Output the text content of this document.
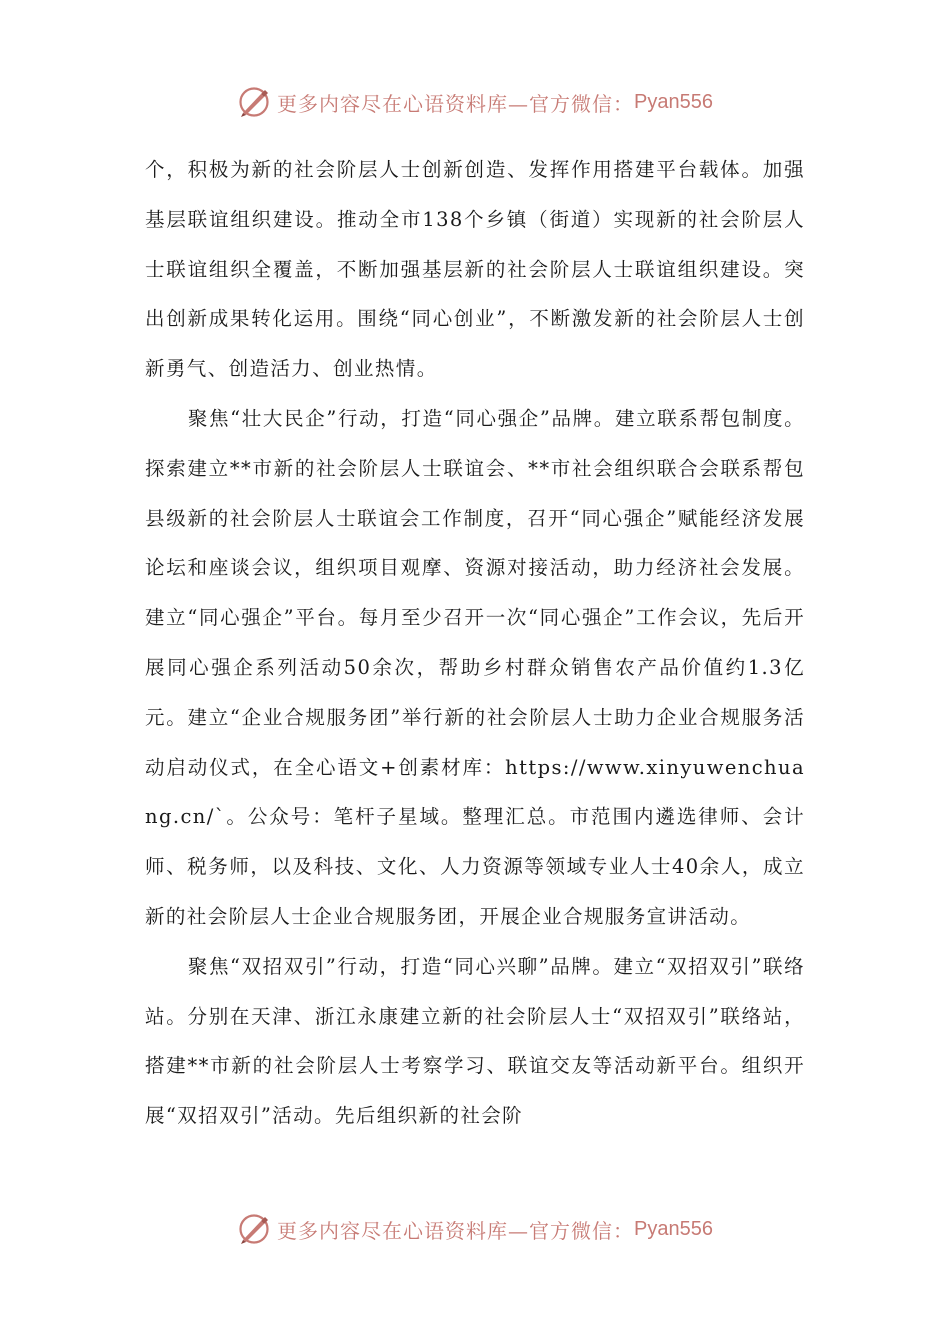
更多内容尽在心语资料库—官方微信： Pyan556

个，积极为新的社会阶层人士创新创造、发挥作用搭建平台载体。加强基层联谊组织建设。推动全市138个乡镇（街道）实现新的社会阶层人士联谊组织全覆盖，不断加强基层新的社会阶层人士联谊组织建设。突出创新成果转化运用。围绕“同心创业”，不断激发新的社会阶层人士创新勇气、创造活力、创业热情。

聚焦“壮大民企”行动，打造“同心强企”品牌。建立联系帮包制度。探索建立**市新的社会阶层人士联谊会、**市社会组织联合会联系帮包县级新的社会阶层人士联谊会工作制度，召开“同心强企”赋能经济发展论坛和座谈会议，组织项目观摩、资源对接活动，助力经济社会发展。建立“同心强企”平台。每月至少召开一次“同心强企”工作会议，先后开展同心强企系列活动50余次，帮助乡村群众销售农产品价值约1.3亿元。建立“企业合规服务团”举行新的社会阶层人士助力企业合规服务活动启动仪式，在全心语文+创素材库：https://www.xinyuwenchuang.cn/`。公众号：笔杆子星域。整理汇总。市范围内遴选律师、会计师、税务师，以及科技、文化、人力资源等领域专业人士40余人，成立新的社会阶层人士企业合规服务团，开展企业合规服务宣讲活动。

聚焦“双招双引”行动，打造“同心兴聊”品牌。建立“双招双引”联络站。分别在天津、浙江永康建立新的社会阶层人士“双招双引”联络站，搭建**市新的社会阶层人士考察学习、联谊交友等活动新平台。组织开展“双招双引”活动。先后组织新的社会阶

更多内容尽在心语资料库—官方微信： Pyan556
